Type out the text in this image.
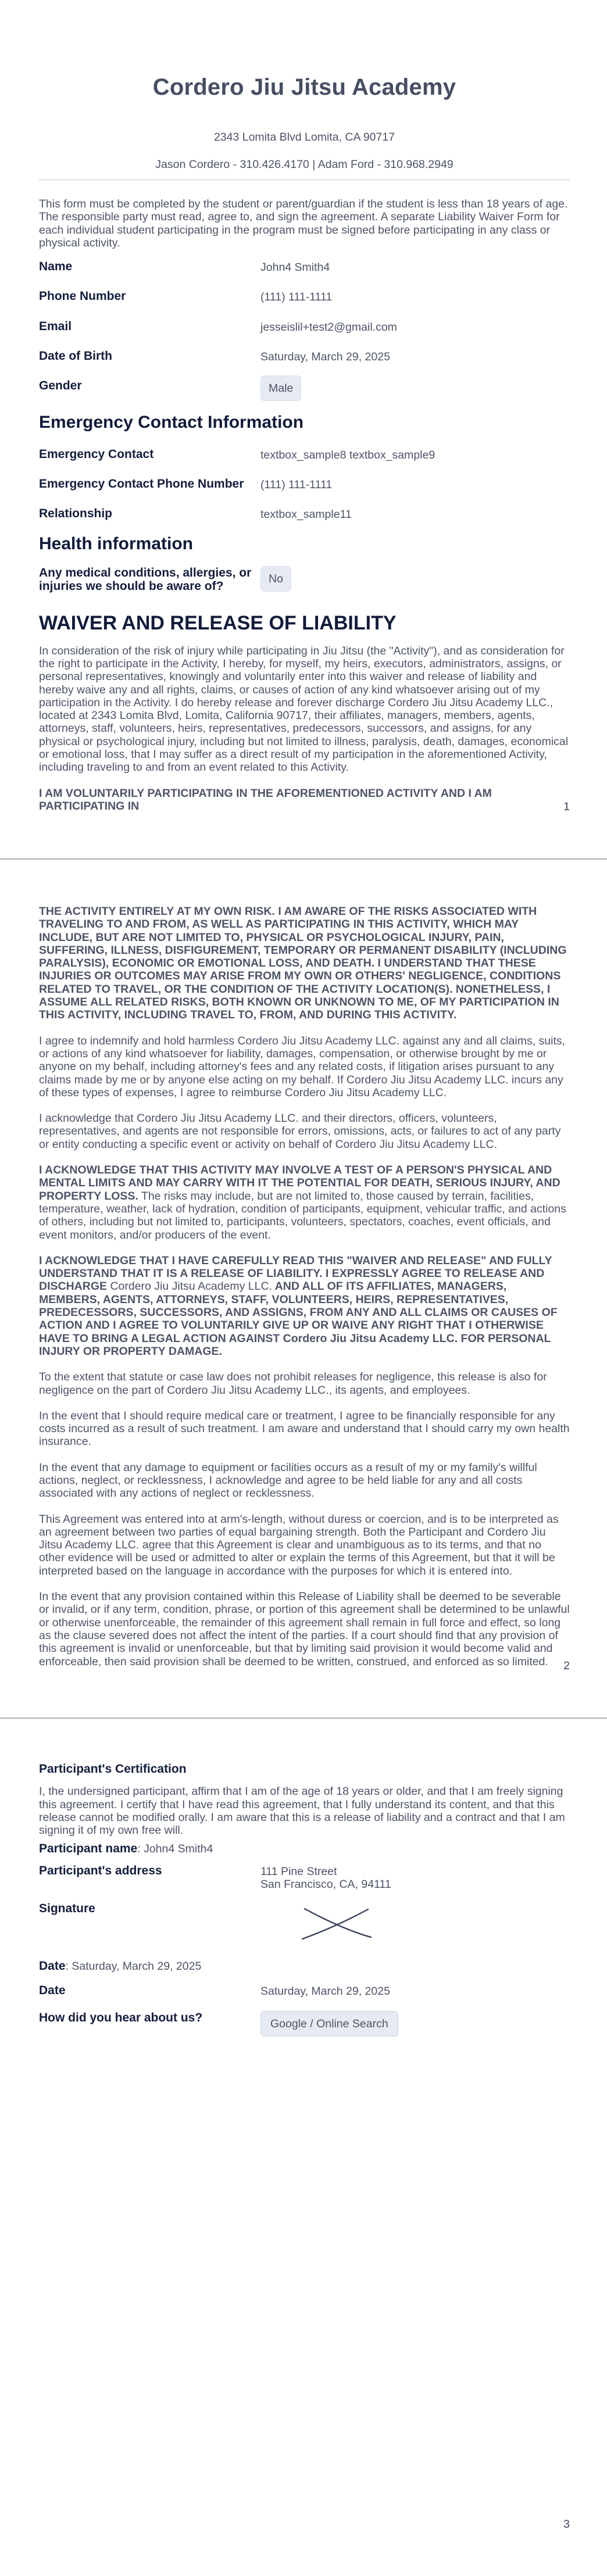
Cordero Jiu Jitsu Academy
2343 Lomita Blvd Lomita, CA 90717
Jason Cordero - 310.426.4170 | Adam Ford - 310.968.2949

This form must be completed by the student or parent/guardian if the student is less than 18 years of age. The responsible party must read, agree to, and sign the agreement. A separate Liability Waiver Form for each individual student participating in the program must be signed before participating in any class or physical activity.

Name	John4 Smith4
Phone Number	(111) 111-1111
Email	jesseislil+test2@gmail.com
Date of Birth	Saturday, March 29, 2025
Gender	Male
Emergency Contact Information
Emergency Contact	textbox_sample8 textbox_sample9
Emergency Contact Phone Number	(111) 111-1111
Relationship	textbox_sample11
Health information
Any medical conditions, allergies, or injuries we should be aware of?
No
WAIVER AND RELEASE OF LIABILITY

In consideration of the risk of injury while participating in Jiu Jitsu (the "Activity"), and as consideration for the right to participate in the Activity, I hereby, for myself, my heirs, executors, administrators, assigns, or personal representatives, knowingly and voluntarily enter into this waiver and release of liability and hereby waive any and all rights, claims, or causes of action of any kind whatsoever arising out of my participation in the Activity. I do hereby release and forever discharge Cordero Jiu Jitsu Academy LLC., located at 2343 Lomita Blvd, Lomita, California 90717, their affiliates, managers, members, agents, attorneys, staff, volunteers, heirs, representatives, predecessors, successors, and assigns, for any physical or psychological injury, including but not limited to illness, paralysis, death, damages, economical or emotional loss, that I may suffer as a direct result of my participation in the aforementioned Activity, including traveling to and from an event related to this Activity.

I AM VOLUNTARILY PARTICIPATING IN THE AFOREMENTIONED ACTIVITY AND I AM PARTICIPATING IN	1

THE ACTIVITY ENTIRELY AT MY OWN RISK. I AM AWARE OF THE RISKS ASSOCIATED WITH TRAVELING TO AND FROM, AS WELL AS PARTICIPATING IN THIS ACTIVITY, WHICH MAY INCLUDE, BUT ARE NOT LIMITED TO, PHYSICAL OR PSYCHOLOGICAL INJURY, PAIN, SUFFERING, ILLNESS, DISFIGUREMENT, TEMPORARY OR PERMANENT DISABILITY (INCLUDING PARALYSIS), ECONOMIC OR EMOTIONAL LOSS, AND DEATH. I UNDERSTAND THAT THESE INJURIES OR OUTCOMES MAY ARISE FROM MY OWN OR OTHERS' NEGLIGENCE, CONDITIONS RELATED TO TRAVEL, OR THE CONDITION OF THE ACTIVITY LOCATION(S). NONETHELESS, I ASSUME ALL RELATED RISKS, BOTH KNOWN OR UNKNOWN TO ME, OF MY PARTICIPATION IN THIS ACTIVITY, INCLUDING TRAVEL TO, FROM, AND DURING THIS ACTIVITY.

I agree to indemnify and hold harmless Cordero Jiu Jitsu Academy LLC. against any and all claims, suits, or actions of any kind whatsoever for liability, damages, compensation, or otherwise brought by me or anyone on my behalf, including attorney's fees and any related costs, if litigation arises pursuant to any claims made by me or by anyone else acting on my behalf. If Cordero Jiu Jitsu Academy LLC. incurs any of these types of expenses, I agree to reimburse Cordero Jiu Jitsu Academy LLC.

I acknowledge that Cordero Jiu Jitsu Academy LLC. and their directors, officers, volunteers, representatives, and agents are not responsible for errors, omissions, acts, or failures to act of any party or entity conducting a specific event or activity on behalf of Cordero Jiu Jitsu Academy LLC.

I ACKNOWLEDGE THAT THIS ACTIVITY MAY INVOLVE A TEST OF A PERSON'S PHYSICAL AND MENTAL LIMITS AND MAY CARRY WITH IT THE POTENTIAL FOR DEATH, SERIOUS INJURY, AND PROPERTY LOSS. The risks may include, but are not limited to, those caused by terrain, facilities, temperature, weather, lack of hydration, condition of participants, equipment, vehicular traffic, and actions of others, including but not limited to, participants, volunteers, spectators, coaches, event officials, and event monitors, and/or producers of the event.

I ACKNOWLEDGE THAT I HAVE CAREFULLY READ THIS "WAIVER AND RELEASE" AND FULLY UNDERSTAND THAT IT IS A RELEASE OF LIABILITY. I EXPRESSLY AGREE TO RELEASE AND DISCHARGE Cordero Jiu Jitsu Academy LLC. AND ALL OF ITS AFFILIATES, MANAGERS, MEMBERS, AGENTS, ATTORNEYS, STAFF, VOLUNTEERS, HEIRS, REPRESENTATIVES, PREDECESSORS, SUCCESSORS, AND ASSIGNS, FROM ANY AND ALL CLAIMS OR CAUSES OF ACTION AND I AGREE TO VOLUNTARILY GIVE UP OR WAIVE ANY RIGHT THAT I OTHERWISE HAVE TO BRING A LEGAL ACTION AGAINST Cordero Jiu Jitsu Academy LLC. FOR PERSONAL INJURY OR PROPERTY DAMAGE.

To the extent that statute or case law does not prohibit releases for negligence, this release is also for negligence on the part of Cordero Jiu Jitsu Academy LLC., its agents, and employees.

In the event that I should require medical care or treatment, I agree to be financially responsible for any costs incurred as a result of such treatment. I am aware and understand that I should carry my own health insurance.

In the event that any damage to equipment or facilities occurs as a result of my or my family's willful actions, neglect, or recklessness, I acknowledge and agree to be held liable for any and all costs associated with any actions of neglect or recklessness.

This Agreement was entered into at arm's-length, without duress or coercion, and is to be interpreted as an agreement between two parties of equal bargaining strength. Both the Participant and Cordero Jiu Jitsu Academy LLC. agree that this Agreement is clear and unambiguous as to its terms, and that no other evidence will be used or admitted to alter or explain the terms of this Agreement, but that it will be interpreted based on the language in accordance with the purposes for which it is entered into.

In the event that any provision contained within this Release of Liability shall be deemed to be severable or invalid, or if any term, condition, phrase, or portion of this agreement shall be determined to be unlawful or otherwise unenforceable, the remainder of this agreement shall remain in full force and effect, so long as the clause severed does not affect the intent of the parties. If a court should find that any provision of this agreement is invalid or unenforceable, but that by limiting said provision it would become valid and enforceable, then said provision shall be deemed to be written, construed, and enforced as so limited.	2
Participant's Certification

I, the undersigned participant, affirm that I am of the age of 18 years or older, and that I am freely signing this agreement. I certify that I have read this agreement, that I fully understand its content, and that this release cannot be modified orally. I am aware that this is a release of liability and a contract and that I am signing it of my own free will.

Participant name: John4 Smith4
Participant's address	111 Pine Street
San Francisco, CA, 94111
Signature
Date: Saturday, March 29, 2025
Date	Saturday, March 29, 2025
How did you hear about us?	Google / Online Search
3
